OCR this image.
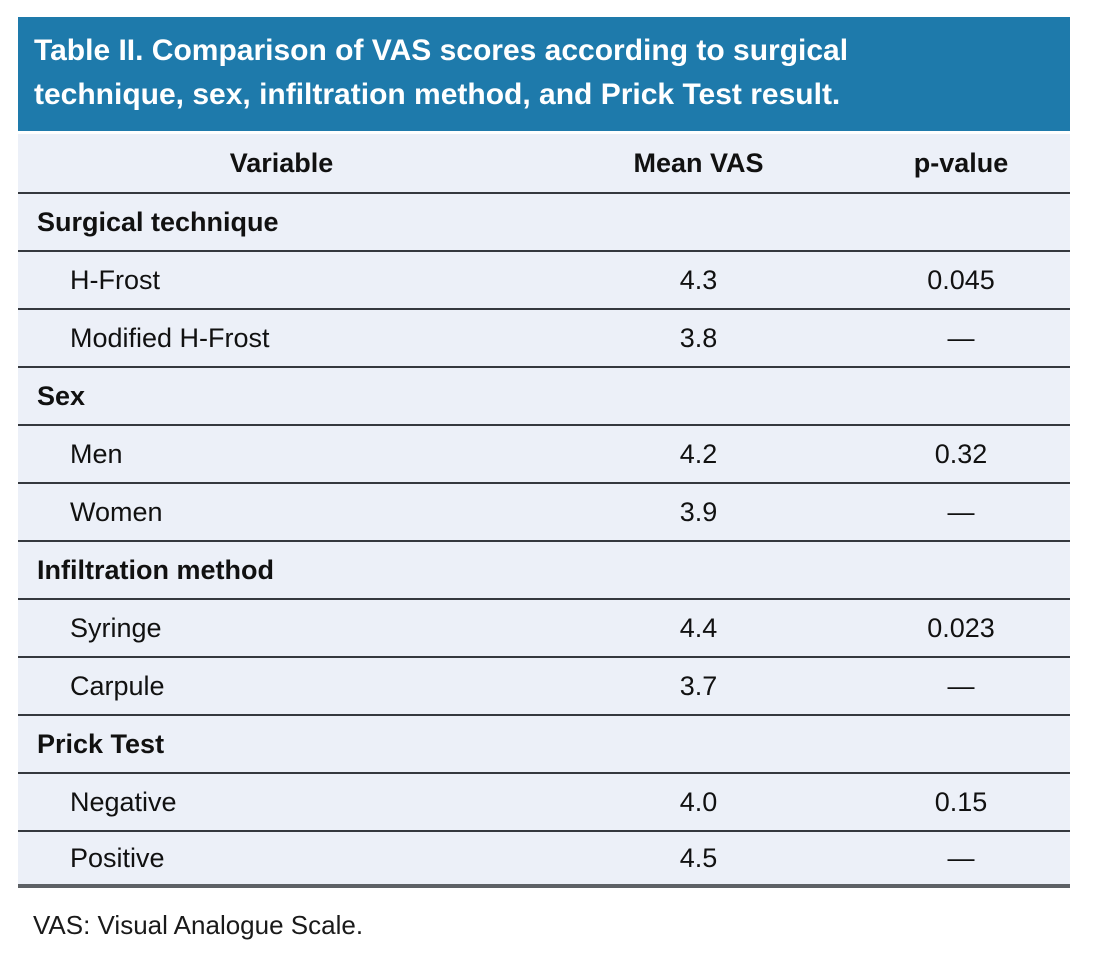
Table II. Comparison of VAS scores according to surgical
technique, sex, infiltration method, and Prick Test result.
Variable	Mean VAS	p-value
Surgical technique
H-Frost	4.3	0.045
Modified H-Frost	3.8	—
Sex
Men	4.2	0.32
Women	3.9	—
Infiltration method
Syringe	4.4	0.023
Carpule	3.7	—
Prick Test
Negative	4.0	0.15
Positive	4.5	—
VAS: Visual Analogue Scale.
